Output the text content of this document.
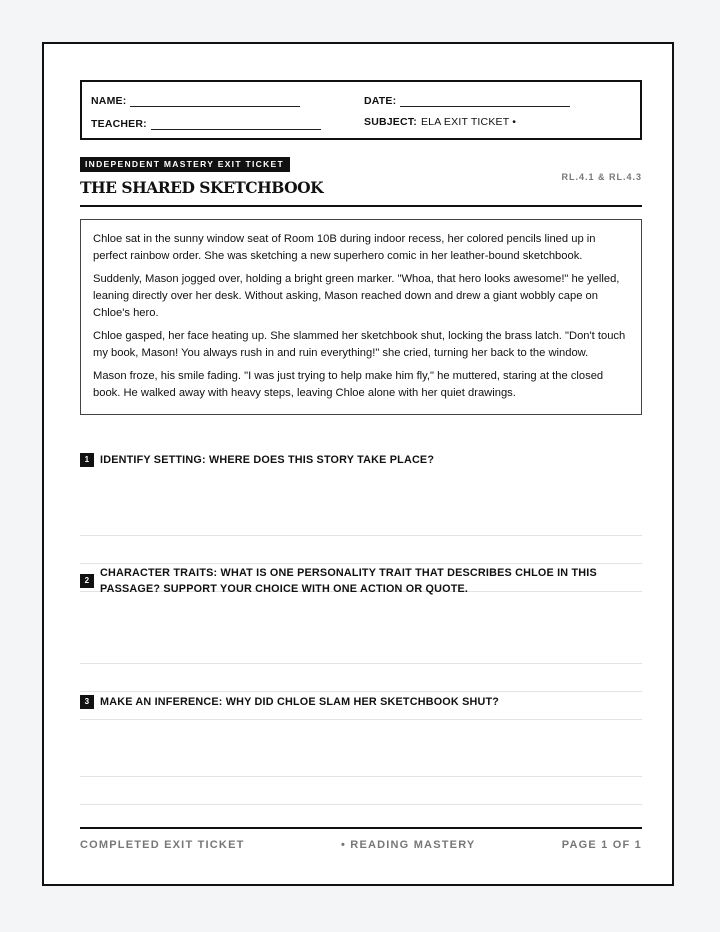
NAME:	DATE:
TEACHER:	SUBJECT: ELA EXIT TICKET •
INDEPENDENT MASTERY EXIT TICKET
RL.4.1 & RL.4.3
THE SHARED SKETCHBOOK

Chloe sat in the sunny window seat of Room 10B during indoor recess, her colored pencils lined up in perfect rainbow order. She was sketching a new superhero comic in her leather-bound sketchbook.

Suddenly, Mason jogged over, holding a bright green marker. "Whoa, that hero looks awesome!" he yelled, leaning directly over her desk. Without asking, Mason reached down and drew a giant wobbly cape on Chloe's hero.

Chloe gasped, her face heating up. She slammed her sketchbook shut, locking the brass latch. "Don't touch my book, Mason! You always rush in and ruin everything!" she cried, turning her back to the window.

Mason froze, his smile fading. "I was just trying to help make him fly," he muttered, staring at the closed book. He walked away with heavy steps, leaving Chloe alone with her quiet drawings.

1 IDENTIFY SETTING: WHERE DOES THIS STORY TAKE PLACE?
2
CHARACTER TRAITS: WHAT IS ONE PERSONALITY TRAIT THAT DESCRIBES CHLOE IN THIS PASSAGE? SUPPORT YOUR CHOICE WITH ONE ACTION OR QUOTE.
3 MAKE AN INFERENCE: WHY DID CHLOE SLAM HER SKETCHBOOK SHUT?
COMPLETED EXIT TICKET	• READING MASTERY	PAGE 1 OF 1
